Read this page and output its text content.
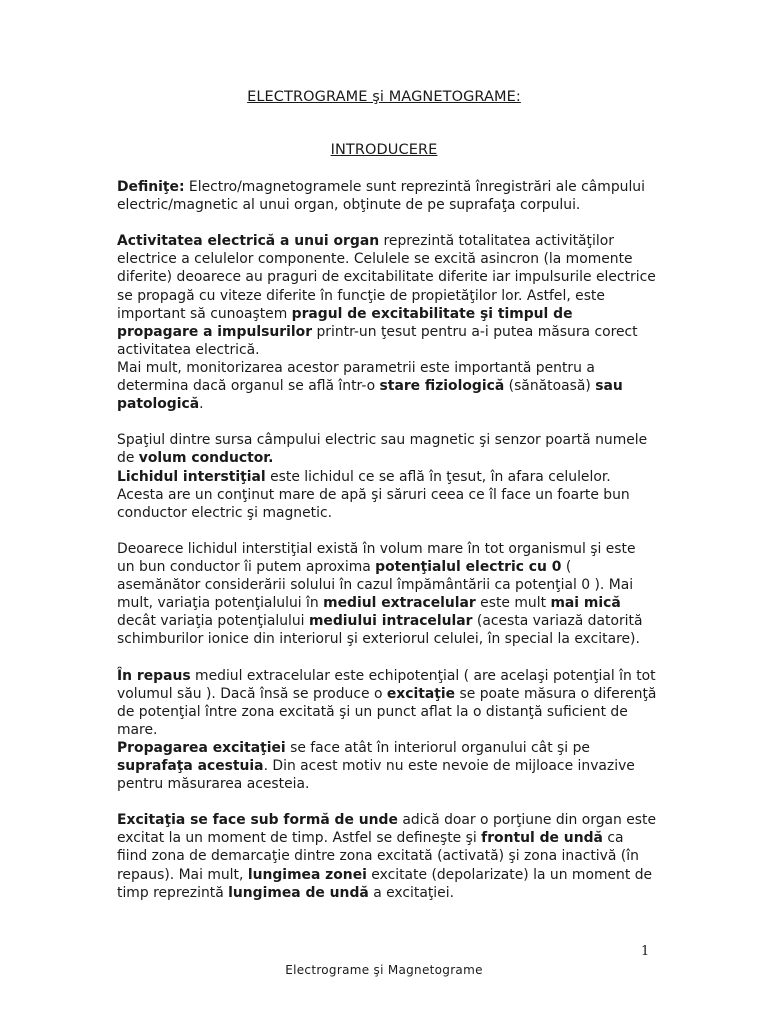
ELECTROGRAME şi MAGNETOGRAME:
INTRODUCERE

Definiţe: Electro/magnetogramele sunt reprezintă înregistrări ale câmpului electric/magnetic al unui organ, obţinute de pe suprafaţa corpului.

Activitatea electrică a unui organ reprezintă totalitatea activităţilor electrice a celulelor componente. Celulele se excită asincron (la momente diferite) deoarece au praguri de excitabilitate diferite iar impulsurile electrice se propagă cu viteze diferite în funcţie de propietăţilor lor. Astfel, este important să cunoaştem pragul de excitabilitate şi timpul de propagare a impulsurilor printr-un ţesut pentru a-i putea măsura corect activitatea electrică.

Mai mult, monitorizarea acestor parametrii este importantă pentru a determina dacă organul se află într-o stare fiziologică (sănătoasă) sau patologică.

Spaţiul dintre sursa câmpului electric sau magnetic şi senzor poartă numele de volum conductor.

Lichidul interstiţial este lichidul ce se află în ţesut, în afara celulelor. Acesta are un conţinut mare de apă şi săruri ceea ce îl face un foarte bun conductor electric şi magnetic.

Deoarece lichidul interstiţial există în volum mare în tot organismul şi este un bun conductor îi putem aproxima potenţialul electric cu 0 ( asemănător considerării solului în cazul împământării ca potenţial 0 ). Mai mult, variaţia potenţialului în mediul extracelular este mult mai mică decât variaţia potenţialului mediului intracelular (acesta variază datorită schimburilor ionice din interiorul şi exteriorul celulei, în special la excitare).

În repaus mediul extracelular este echipotenţial ( are acelaşi potenţial în tot volumul său ). Dacă însă se produce o excitaţie se poate măsura o diferenţă de potenţial între zona excitată şi un punct aflat la o distanţă suficient de mare.

Propagarea excitaţiei se face atât în interiorul organului cât şi pe suprafaţa acestuia. Din acest motiv nu este nevoie de mijloace invazive pentru măsurarea acesteia.

Excitaţia se face sub formă de unde adică doar o porţiune din organ este excitat la un moment de timp. Astfel se defineşte şi frontul de undă ca fiind zona de demarcaţie dintre zona excitată (activată) şi zona inactivă (în repaus). Mai mult, lungimea zonei excitate (depolarizate) la un moment de timp reprezintă lungimea de undă a excitaţiei.

1
Electrograme şi Magnetograme
